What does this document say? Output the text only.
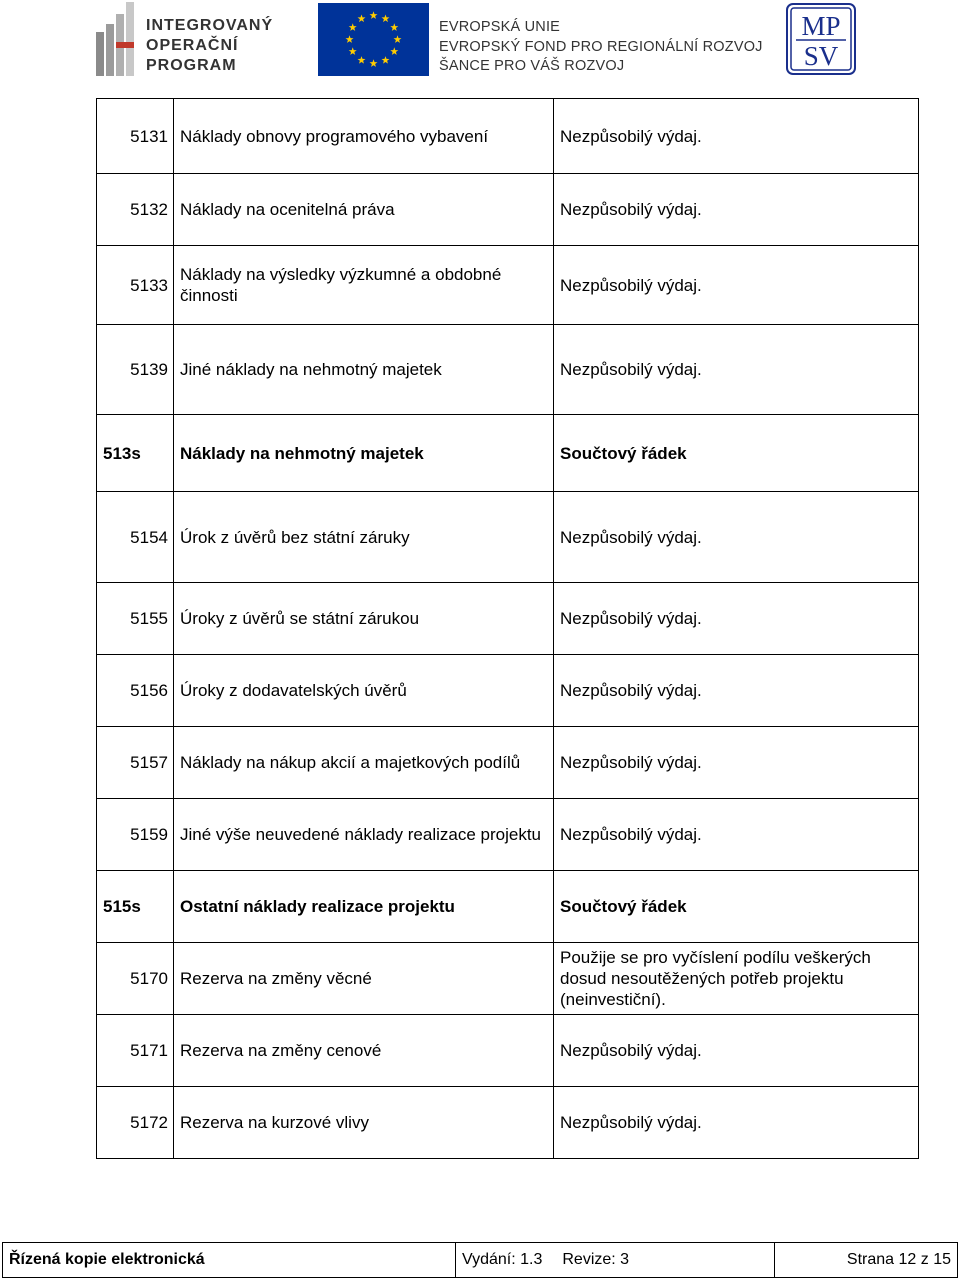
INTEGROVANÝ
OPERAČNÍ
PROGRAM
EVROPSKÁ UNIE
EVROPSKÝ FOND PRO REGIONÁLNÍ ROZVOJ
ŠANCE PRO VÁŠ ROZVOJ
MP
SV
5131	Náklady obnovy programového vybavení	Nezpůsobilý výdaj.
5132	Náklady na ocenitelná práva	Nezpůsobilý výdaj.
5133	Náklady na výsledky výzkumné a obdobné činnosti	Nezpůsobilý výdaj.
5139	Jiné náklady na nehmotný majetek	Nezpůsobilý výdaj.
513s	Náklady na nehmotný majetek	Součtový řádek
5154	Úrok z úvěrů bez státní záruky	Nezpůsobilý výdaj.
5155	Úroky z úvěrů se státní zárukou	Nezpůsobilý výdaj.
5156	Úroky z dodavatelských úvěrů	Nezpůsobilý výdaj.
5157	Náklady na nákup akcií a majetkových podílů	Nezpůsobilý výdaj.
5159	Jiné výše neuvedené náklady realizace projektu	Nezpůsobilý výdaj.
515s	Ostatní náklady realizace projektu	Součtový řádek
5170	Rezerva na změny věcné	Použije se pro vyčíslení podílu veškerých dosud nesoutěžených potřeb projektu (neinvestiční).
5171	Rezerva na změny cenové	Nezpůsobilý výdaj.
5172	Rezerva na kurzové vlivy	Nezpůsobilý výdaj.
Řízená kopie elektronická	Vydání: 1.3 Revize: 3	Strana 12 z 15
